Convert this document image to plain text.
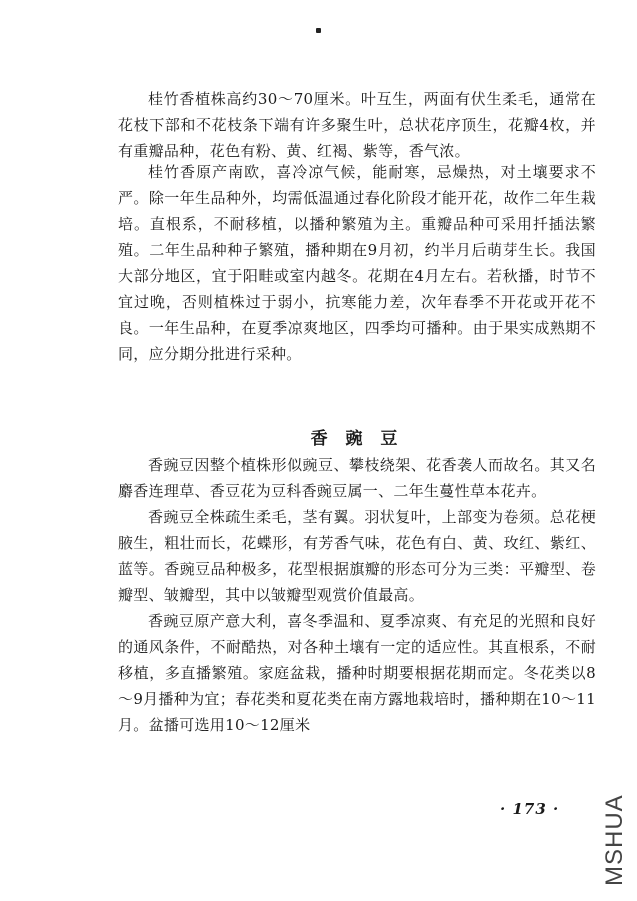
桂竹香植株高约30～70厘米。叶互生，两面有伏生柔毛，通常在花枝下部和不花枝条下端有许多聚生叶，总状花序顶生，花瓣4枚，并有重瓣品种，花色有粉、黄、红褐、紫等，香气浓。

桂竹香原产南欧，喜冷凉气候，能耐寒，忌燥热，对土壤要求不严。除一年生品种外，均需低温通过春化阶段才能开花，故作二年生栽培。直根系，不耐移植，以播种繁殖为主。重瓣品种可采用扦插法繁殖。二年生品种种子繁殖，播种期在9月初，约半月后萌芽生长。我国大部分地区，宜于阳畦或室内越冬。花期在4月左右。若秋播，时节不宜过晚，否则植株过于弱小，抗寒能力差，次年春季不开花或开花不良。一年生品种，在夏季凉爽地区，四季均可播种。由于果实成熟期不同，应分期分批进行采种。

香 豌 豆

香豌豆因整个植株形似豌豆、攀枝绕架、花香袭人而故名。其又名麝香连理草、香豆花为豆科香豌豆属一、二年生蔓性草本花卉。

香豌豆全株疏生柔毛，茎有翼。羽状复叶，上部变为卷须。总花梗腋生，粗壮而长，花蝶形，有芳香气味，花色有白、黄、玫红、紫红、蓝等。香豌豆品种极多，花型根据旗瓣的形态可分为三类：平瓣型、卷瓣型、皱瓣型，其中以皱瓣型观赏价值最高。

香豌豆原产意大利，喜冬季温和、夏季凉爽、有充足的光照和良好的通风条件，不耐酷热，对各种土壤有一定的适应性。其直根系，不耐移植，多直播繁殖。家庭盆栽，播种时期要根据花期而定。冬花类以8～9月播种为宜；春花类和夏花类在南方露地栽培时，播种期在10～11月。盆播可选用10～12厘米

· 173 · MSHUA
